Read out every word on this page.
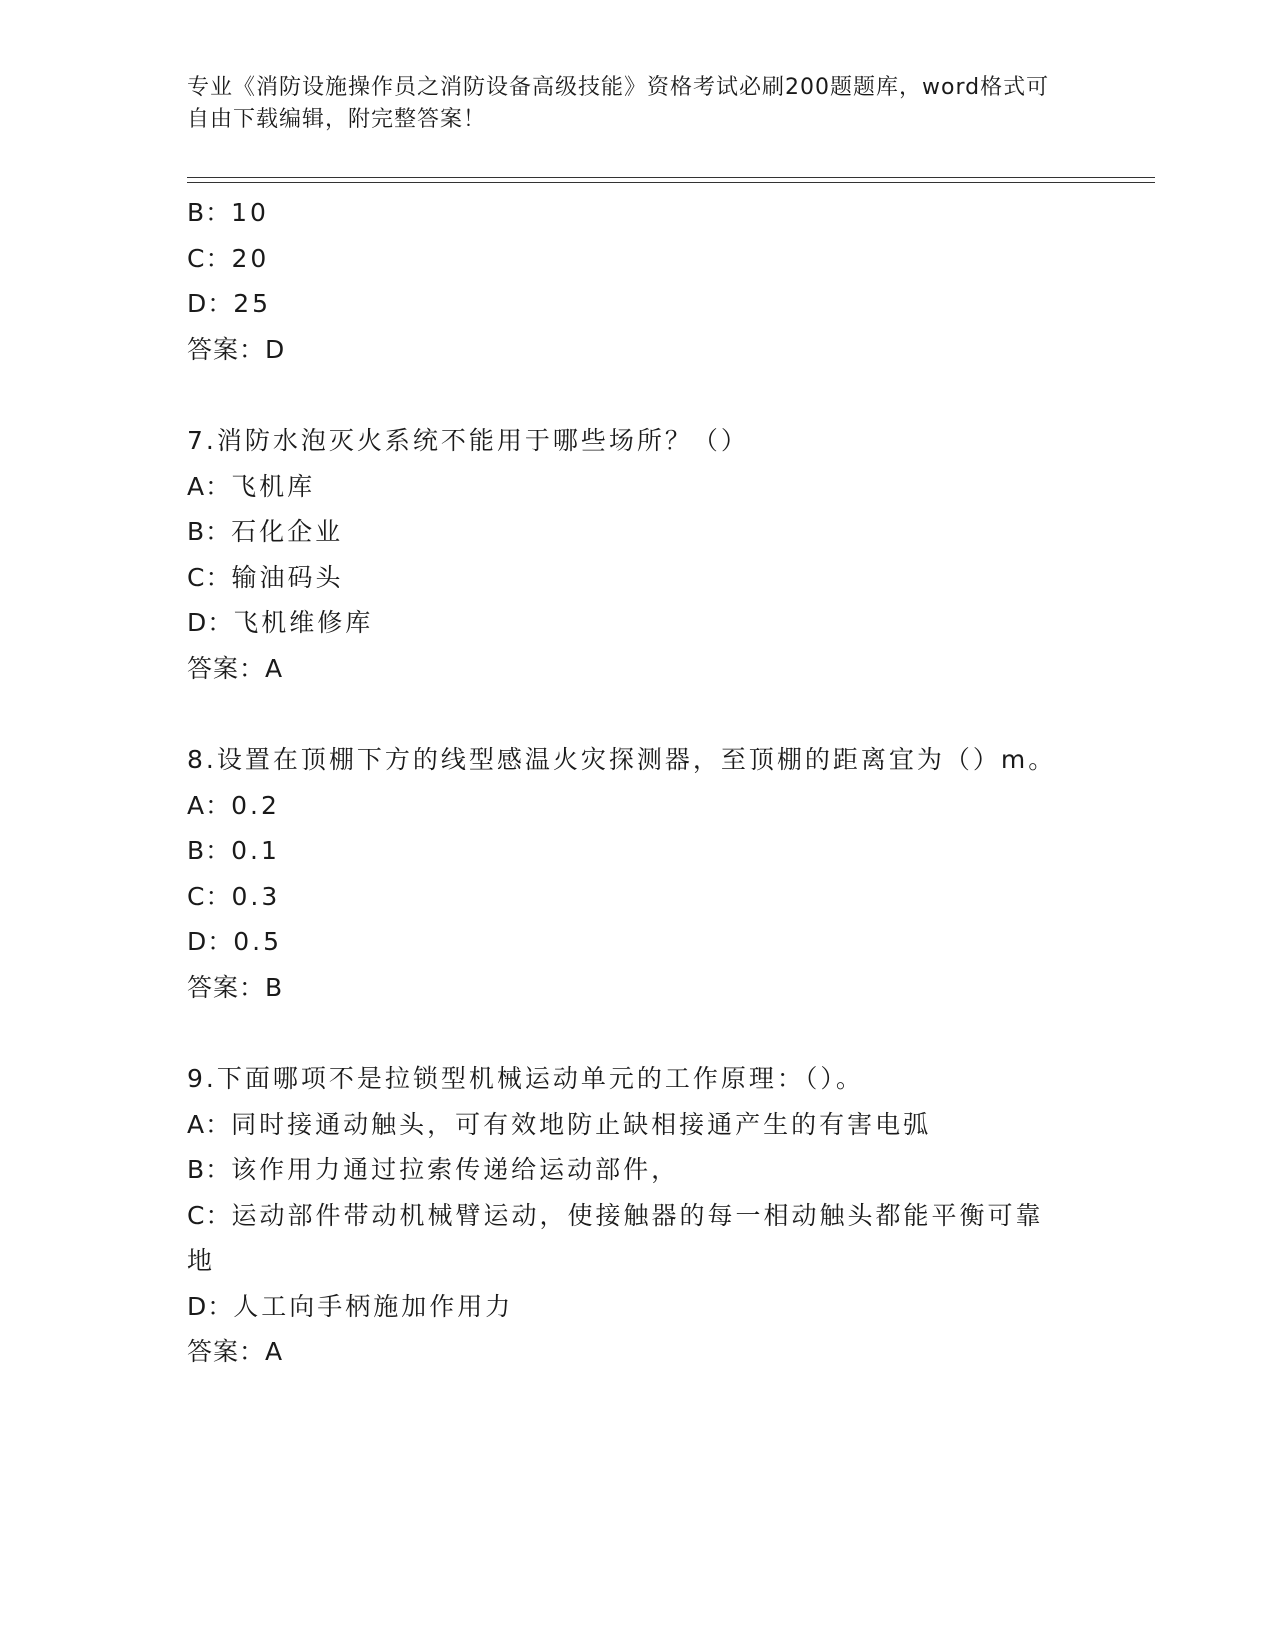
专业《消防设施操作员之消防设备高级技能》资格考试必刷200题题库，word格式可自由下载编辑，附完整答案！
B：10
C：20
D：25
答案：D
7.消防水泡灭火系统不能用于哪些场所？（）
A：飞机库
B：石化企业
C：输油码头
D：飞机维修库
答案：A
8.设置在顶棚下方的线型感温火灾探测器，至顶棚的距离宜为（）m。
A：0.2
B：0.1
C：0.3
D：0.5
答案：B
9.下面哪项不是拉锁型机械运动单元的工作原理：（）。
A：同时接通动触头，可有效地防止缺相接通产生的有害电弧
B：该作用力通过拉索传递给运动部件，
C：运动部件带动机械臂运动，使接触器的每一相动触头都能平衡可靠地
D：人工向手柄施加作用力
答案：A
